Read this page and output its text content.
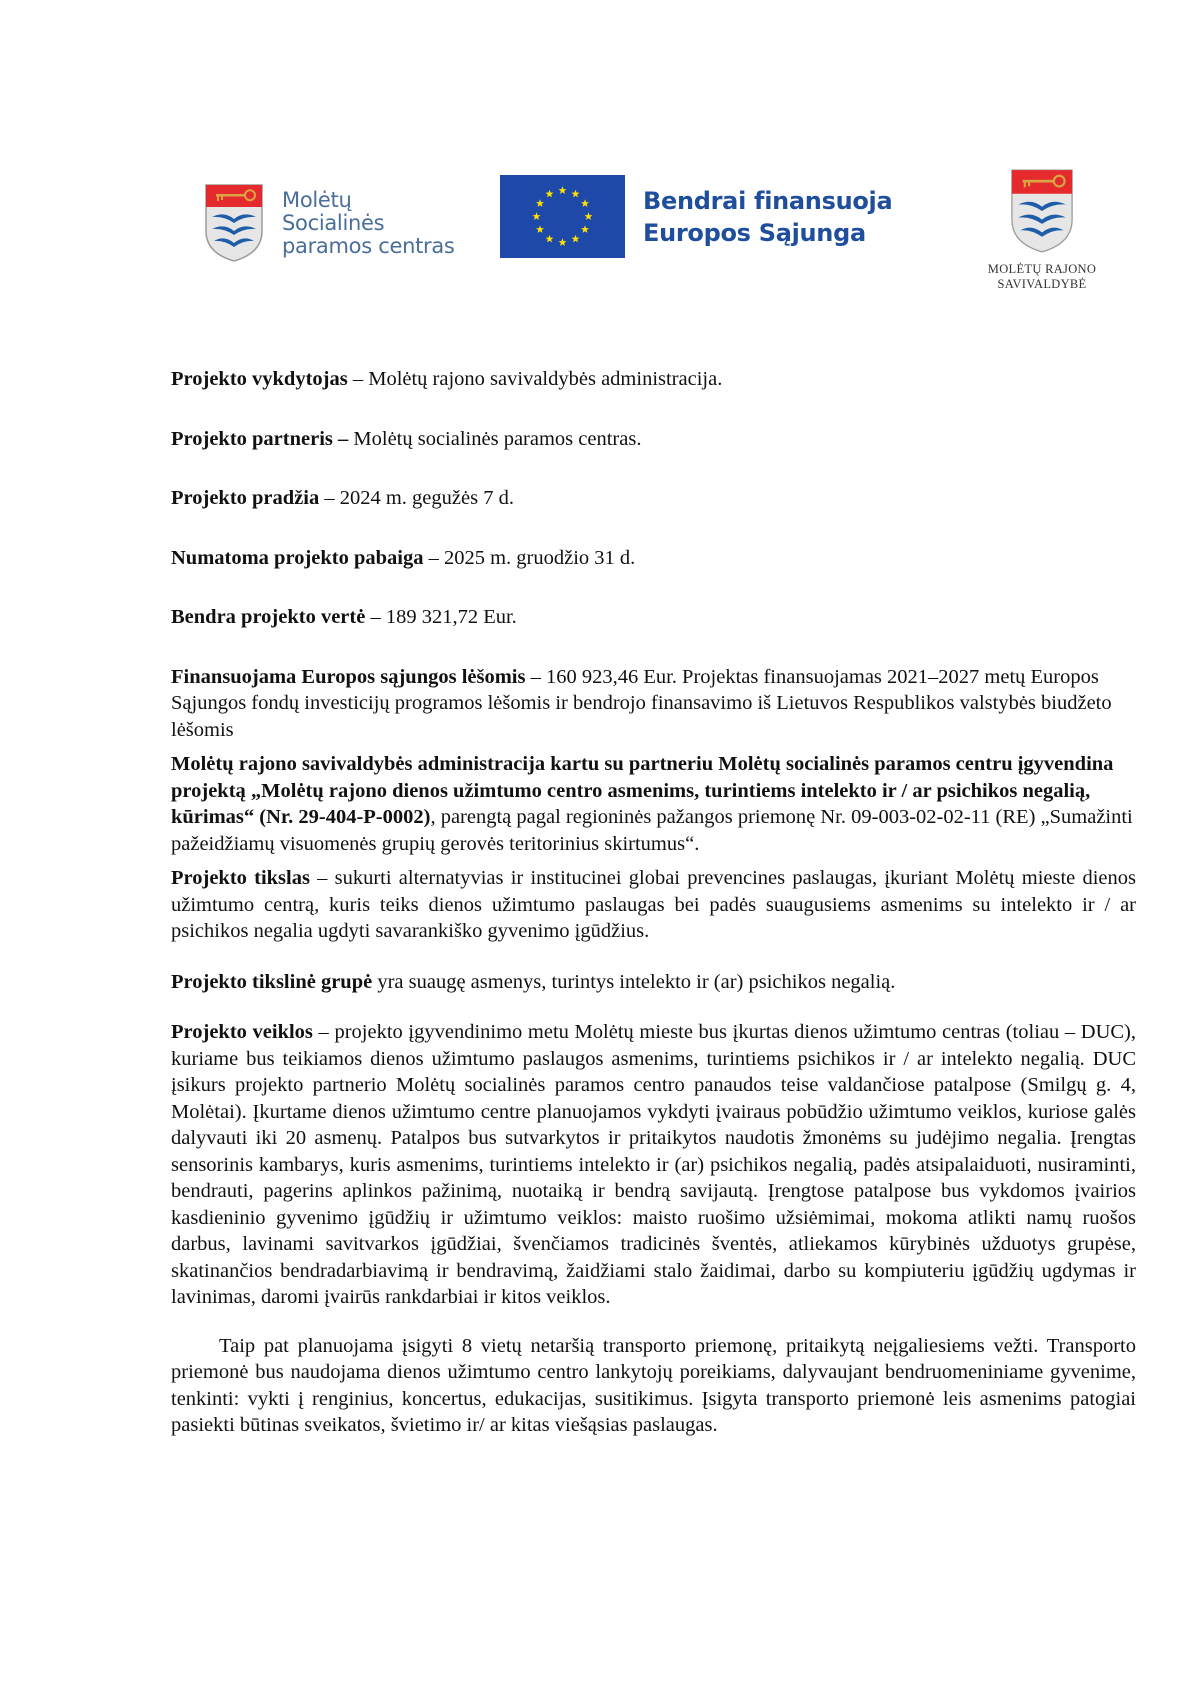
Molėtų
Socialinės
paramos centras
Bendrai finansuoja
Europos Sąjunga
MOLĖTŲ RAJONO
SAVIVALDYBĖ

Projekto vykdytojas – Molėtų rajono savivaldybės administracija.

Projekto partneris – Molėtų socialinės paramos centras.

Projekto pradžia – 2024 m. gegužės 7 d.

Numatoma projekto pabaiga – 2025 m. gruodžio 31 d.

Bendra projekto vertė – 189 321,72 Eur.

Finansuojama Europos sąjungos lėšomis – 160 923,46 Eur. Projektas finansuojamas 2021–2027 metų Europos Sąjungos fondų investicijų programos lėšomis ir bendrojo finansavimo iš Lietuvos Respublikos valstybės biudžeto lėšomis

Molėtų rajono savivaldybės administracija kartu su partneriu Molėtų socialinės paramos centru įgyvendina projektą „Molėtų rajono dienos užimtumo centro asmenims, turintiems intelekto ir / ar psichikos negalią, kūrimas“ (Nr. 29-404-P-0002), parengtą pagal regioninės pažangos priemonę Nr. 09-003-02-02-11 (RE) „Sumažinti pažeidžiamų visuomenės grupių gerovės teritorinius skirtumus“.

Projekto tikslas – sukurti alternatyvias ir institucinei globai prevencines paslaugas, įkuriant Molėtų mieste dienos užimtumo centrą, kuris teiks dienos užimtumo paslaugas bei padės suaugusiems asmenims su intelekto ir / ar psichikos negalia ugdyti savarankiško gyvenimo įgūdžius.

Projekto tikslinė grupė yra suaugę asmenys, turintys intelekto ir (ar) psichikos negalią.

Projekto veiklos – projekto įgyvendinimo metu Molėtų mieste bus įkurtas dienos užimtumo centras (toliau – DUC), kuriame bus teikiamos dienos užimtumo paslaugos asmenims, turintiems psichikos ir / ar intelekto negalią. DUC įsikurs projekto partnerio Molėtų socialinės paramos centro panaudos teise valdančiose patalpose (Smilgų g. 4, Molėtai). Įkurtame dienos užimtumo centre planuojamos vykdyti įvairaus pobūdžio užimtumo veiklos, kuriose galės dalyvauti iki 20 asmenų. Patalpos bus sutvarkytos ir pritaikytos naudotis žmonėms su judėjimo negalia. Įrengtas sensorinis kambarys, kuris asmenims, turintiems intelekto ir (ar) psichikos negalią, padės atsipalaiduoti, nusiraminti, bendrauti, pagerins aplinkos pažinimą, nuotaiką ir bendrą savijautą. Įrengtose patalpose bus vykdomos įvairios kasdieninio gyvenimo įgūdžių ir užimtumo veiklos: maisto ruošimo užsiėmimai, mokoma atlikti namų ruošos darbus, lavinami savitvarkos įgūdžiai, švenčiamos tradicinės šventės, atliekamos kūrybinės užduotys grupėse, skatinančios bendradarbiavimą ir bendravimą, žaidžiami stalo žaidimai, darbo su kompiuteriu įgūdžių ugdymas ir lavinimas, daromi įvairūs rankdarbiai ir kitos veiklos.

Taip pat planuojama įsigyti 8 vietų netaršią transporto priemonę, pritaikytą neįgaliesiems vežti. Transporto priemonė bus naudojama dienos užimtumo centro lankytojų poreikiams, dalyvaujant bendruomeniniame gyvenime, tenkinti: vykti į renginius, koncertus, edukacijas, susitikimus. Įsigyta transporto priemonė leis asmenims patogiai pasiekti būtinas sveikatos, švietimo ir/ ar kitas viešąsias paslaugas.
